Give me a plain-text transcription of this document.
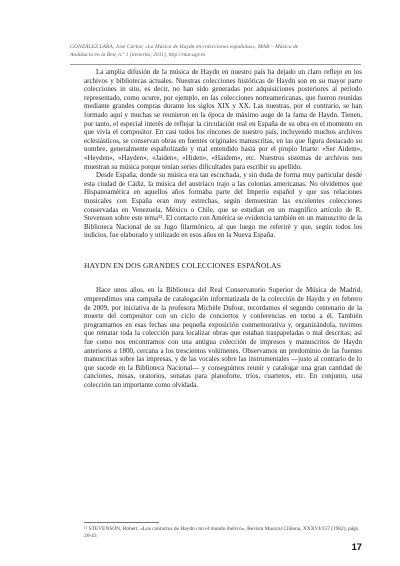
GONZÁLEZ LARA, José Carlos, «La Música de Haydn en colecciones españolas», MAR – Música de
Andalucía en la Red, n.º 1 (invierno, 2011), http://mar.ugr.es

La amplia difusión de la música de Haydn en nuestro país ha dejado un claro reflejo en los archivos y bibliotecas actuales. Nuestras colecciones históricas de Haydn son en su mayor parte colecciones in situ, es decir, no han sido generadas por adquisiciones posteriores al período representado, como ocurre, por ejemplo, en las colecciones norteamericanas, que fueron reunidas mediante grandes compras durante los siglos XIX y XX. Las nuestras, por el contrario, se han formado aquí y muchas se reunieron en la época de máximo auge de la fama de Haydn. Tienen, por tanto, el especial interés de reflejar la circulación real en España de su obra en el momento en que vivía el compositor. En casi todos los rincones de nuestro país, incluyendo muchos archivos eclesiásticos, se conservan obras en fuentes originales manuscritas, en las que figura destacado su nombre, generalmente españolizado y mal entendido hasta por el propio Iriarte: «Ser Aidem», «Heyden», «Hayden», «Jaiden», «Hiden», «Haidem», etc. Nuestros sistemas de archivos nos muestran su música porque tenían series dificultades para escribir su apellido.

Desde España, donde su música era tan escuchada, y sin duda de forma muy particular desde esta ciudad de Cádiz, la música del austríaco trajo a las colonias americanas. No olvidemos que Hispanoamérica en aquellos años formaba parte del Imperio español y que sus relaciones musicales con España eran muy estrechas, según demuestran las excelentes colecciones conservadas en Venezuela, México o Chile, que se estudian en un magnífico artículo de R. Stevenson sobre este tema¹². El contacto con América se evidencia también en un manuscrito de la Biblioteca Nacional de su Jugo filarmónico, al que luego me referiré y que, según todos los indicios, fue elaborado y utilizado en esos años en la Nueva España.

HAYDN EN DOS GRANDES COLECCIONES ESPAÑOLAS

Hace unos años, en la Biblioteca del Real Conservatorio Superior de Música de Madrid, emprendimos una campaña de catalogación informatizada de la colección de Haydn y en febrero de 2009, por iniciativa de la profesora Michèle Dufour, recordamos el segundo centenario de la muerte del compositor con un ciclo de conciertos y conferencias en torno a él. También programamos en esas fechas una pequeña exposición conmemorativa y, organizándola, tuvimos que rematar toda la colección para localizar obras que estaban traspapeladas o mal descritas; así fue como nos encontramos con una antigua colección de impresos y manuscritos de Haydn anteriores a 1800, cercana a los trescientos volúmenes. Observamos un predominio de las fuentes manuscritas sobre las impresas, y de las vocales sobre las instrumentales —justo al contrario de lo que sucede en la Biblioteca Nacional— y conseguimos reunir y catalogar una gran cantidad de canciones, misas, oratorios, sonatas para pianoforte, tríos, cuartetos, etc. En conjunto, una colección tan importante como olvidada.

¹² STEVENSON, Robert, «Los contactos de Haydn con el mundo ibérico», Revista Musical Chilena, XXXVI/157 (1982), págs. 20-43

17
